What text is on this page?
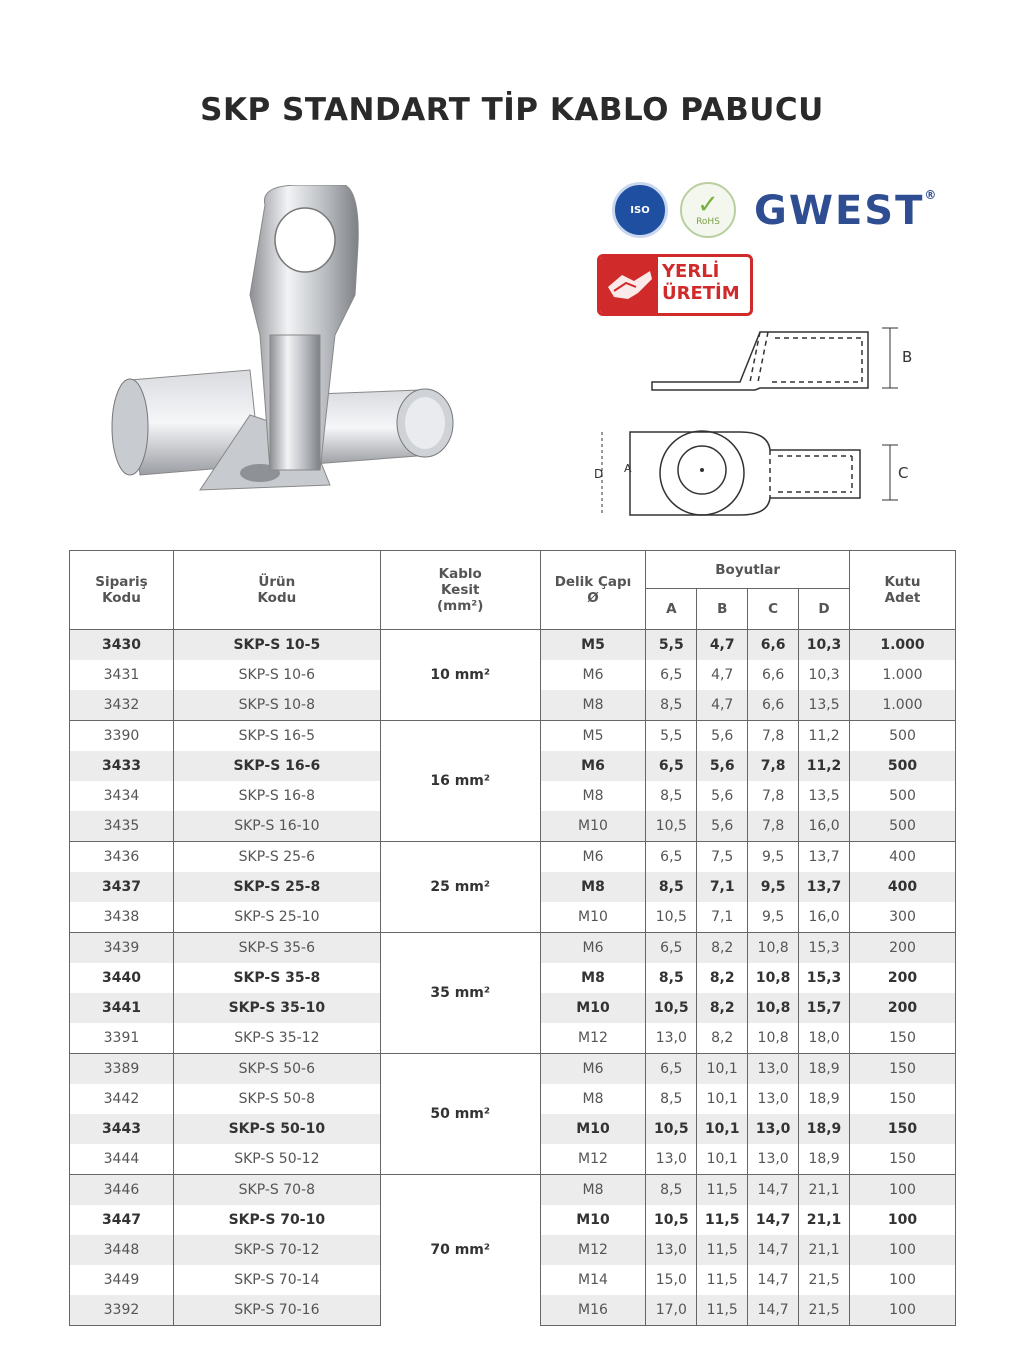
SKP STANDART TİP KABLO PABUCU
ISO	✓
RoHS GWEST®
YERLİ
ÜRETİM
B
D A	C
Sipariş Kodu	Ürün Kodu	Kablo Kesit (mm²)	Delik Çapı Ø	Boyutlar				Kutu Adet
				A	B	C	D	
3430	SKP-S 10-5	10 mm²	M5	5,5	4,7	6,6	10,3	1.000
3431	SKP-S 10-6		M6	6,5	4,7	6,6	10,3	1.000
3432	SKP-S 10-8		M8	8,5	4,7	6,6	13,5	1.000
3390	SKP-S 16-5	16 mm²	M5	5,5	5,6	7,8	11,2	500
3433	SKP-S 16-6		M6	6,5	5,6	7,8	11,2	500
3434	SKP-S 16-8		M8	8,5	5,6	7,8	13,5	500
3435	SKP-S 16-10		M10	10,5	5,6	7,8	16,0	500
3436	SKP-S 25-6	25 mm²	M6	6,5	7,5	9,5	13,7	400
3437	SKP-S 25-8		M8	8,5	7,1	9,5	13,7	400
3438	SKP-S 25-10		M10	10,5	7,1	9,5	16,0	300
3439	SKP-S 35-6	35 mm²	M6	6,5	8,2	10,8	15,3	200
3440	SKP-S 35-8		M8	8,5	8,2	10,8	15,3	200
3441	SKP-S 35-10		M10	10,5	8,2	10,8	15,7	200
3391	SKP-S 35-12		M12	13,0	8,2	10,8	18,0	150
3389	SKP-S 50-6	50 mm²	M6	6,5	10,1	13,0	18,9	150
3442	SKP-S 50-8		M8	8,5	10,1	13,0	18,9	150
3443	SKP-S 50-10		M10	10,5	10,1	13,0	18,9	150
3444	SKP-S 50-12		M12	13,0	10,1	13,0	18,9	150
3446	SKP-S 70-8	70 mm²	M8	8,5	11,5	14,7	21,1	100
3447	SKP-S 70-10		M10	10,5	11,5	14,7	21,1	100
3448	SKP-S 70-12		M12	13,0	11,5	14,7	21,1	100
3449	SKP-S 70-14		M14	15,0	11,5	14,7	21,5	100
3392	SKP-S 70-16		M16	17,0	11,5	14,7	21,5	100
